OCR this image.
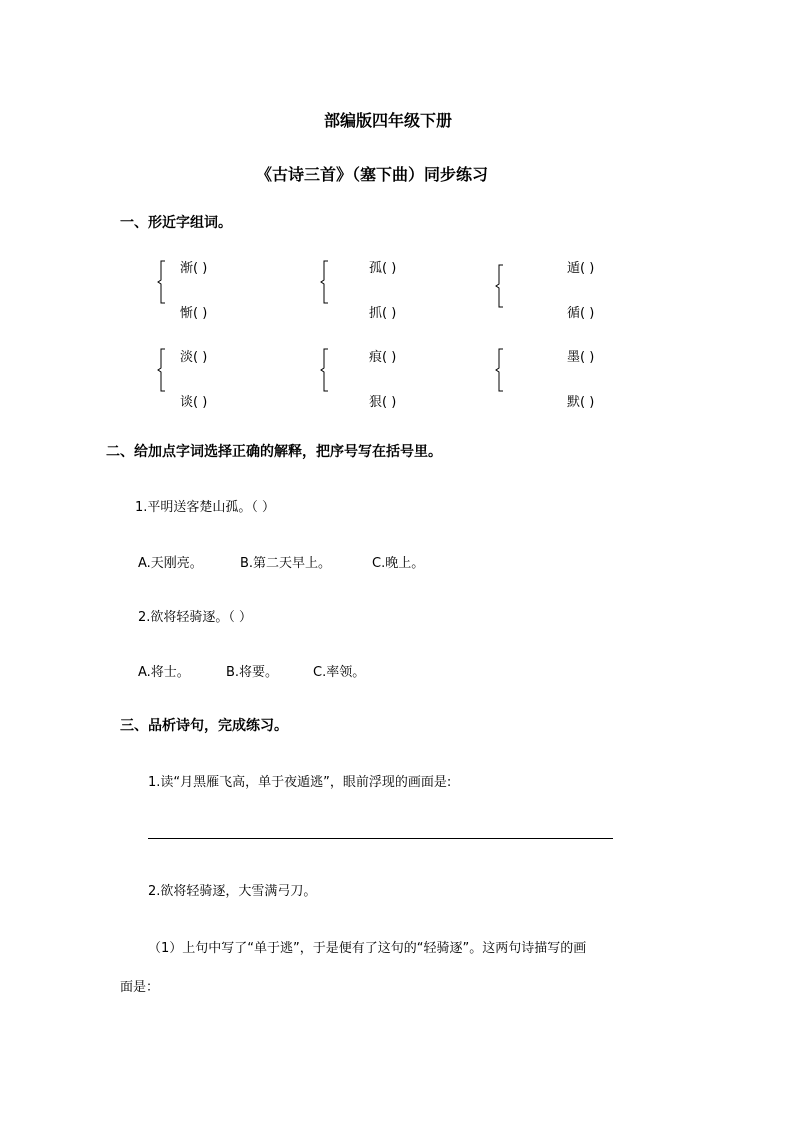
部编版四年级下册
《古诗三首》（塞下曲）同步练习
一、形近字组词。
渐( )
惭( )
孤( )
抓( )
遁( )
循( )
淡( )
谈( )
痕( )
狠( )
墨( )
默( )
二、给加点字词选择正确的解释，把序号写在括号里。
1.平明送客楚山孤。（ ）
A.天刚亮。	B.第二天早上。	C.晚上。
2.欲将轻骑逐。（ ）
A.将士。	B.将要。	C.率领。
三、品析诗句，完成练习。
1.读“月黑雁飞高，单于夜遁逃”，眼前浮现的画面是:
2.欲将轻骑逐，大雪满弓刀。
（1）上句中写了“单于逃”，于是便有了这句的“轻骑逐”。这两句诗描写的画
面是：
